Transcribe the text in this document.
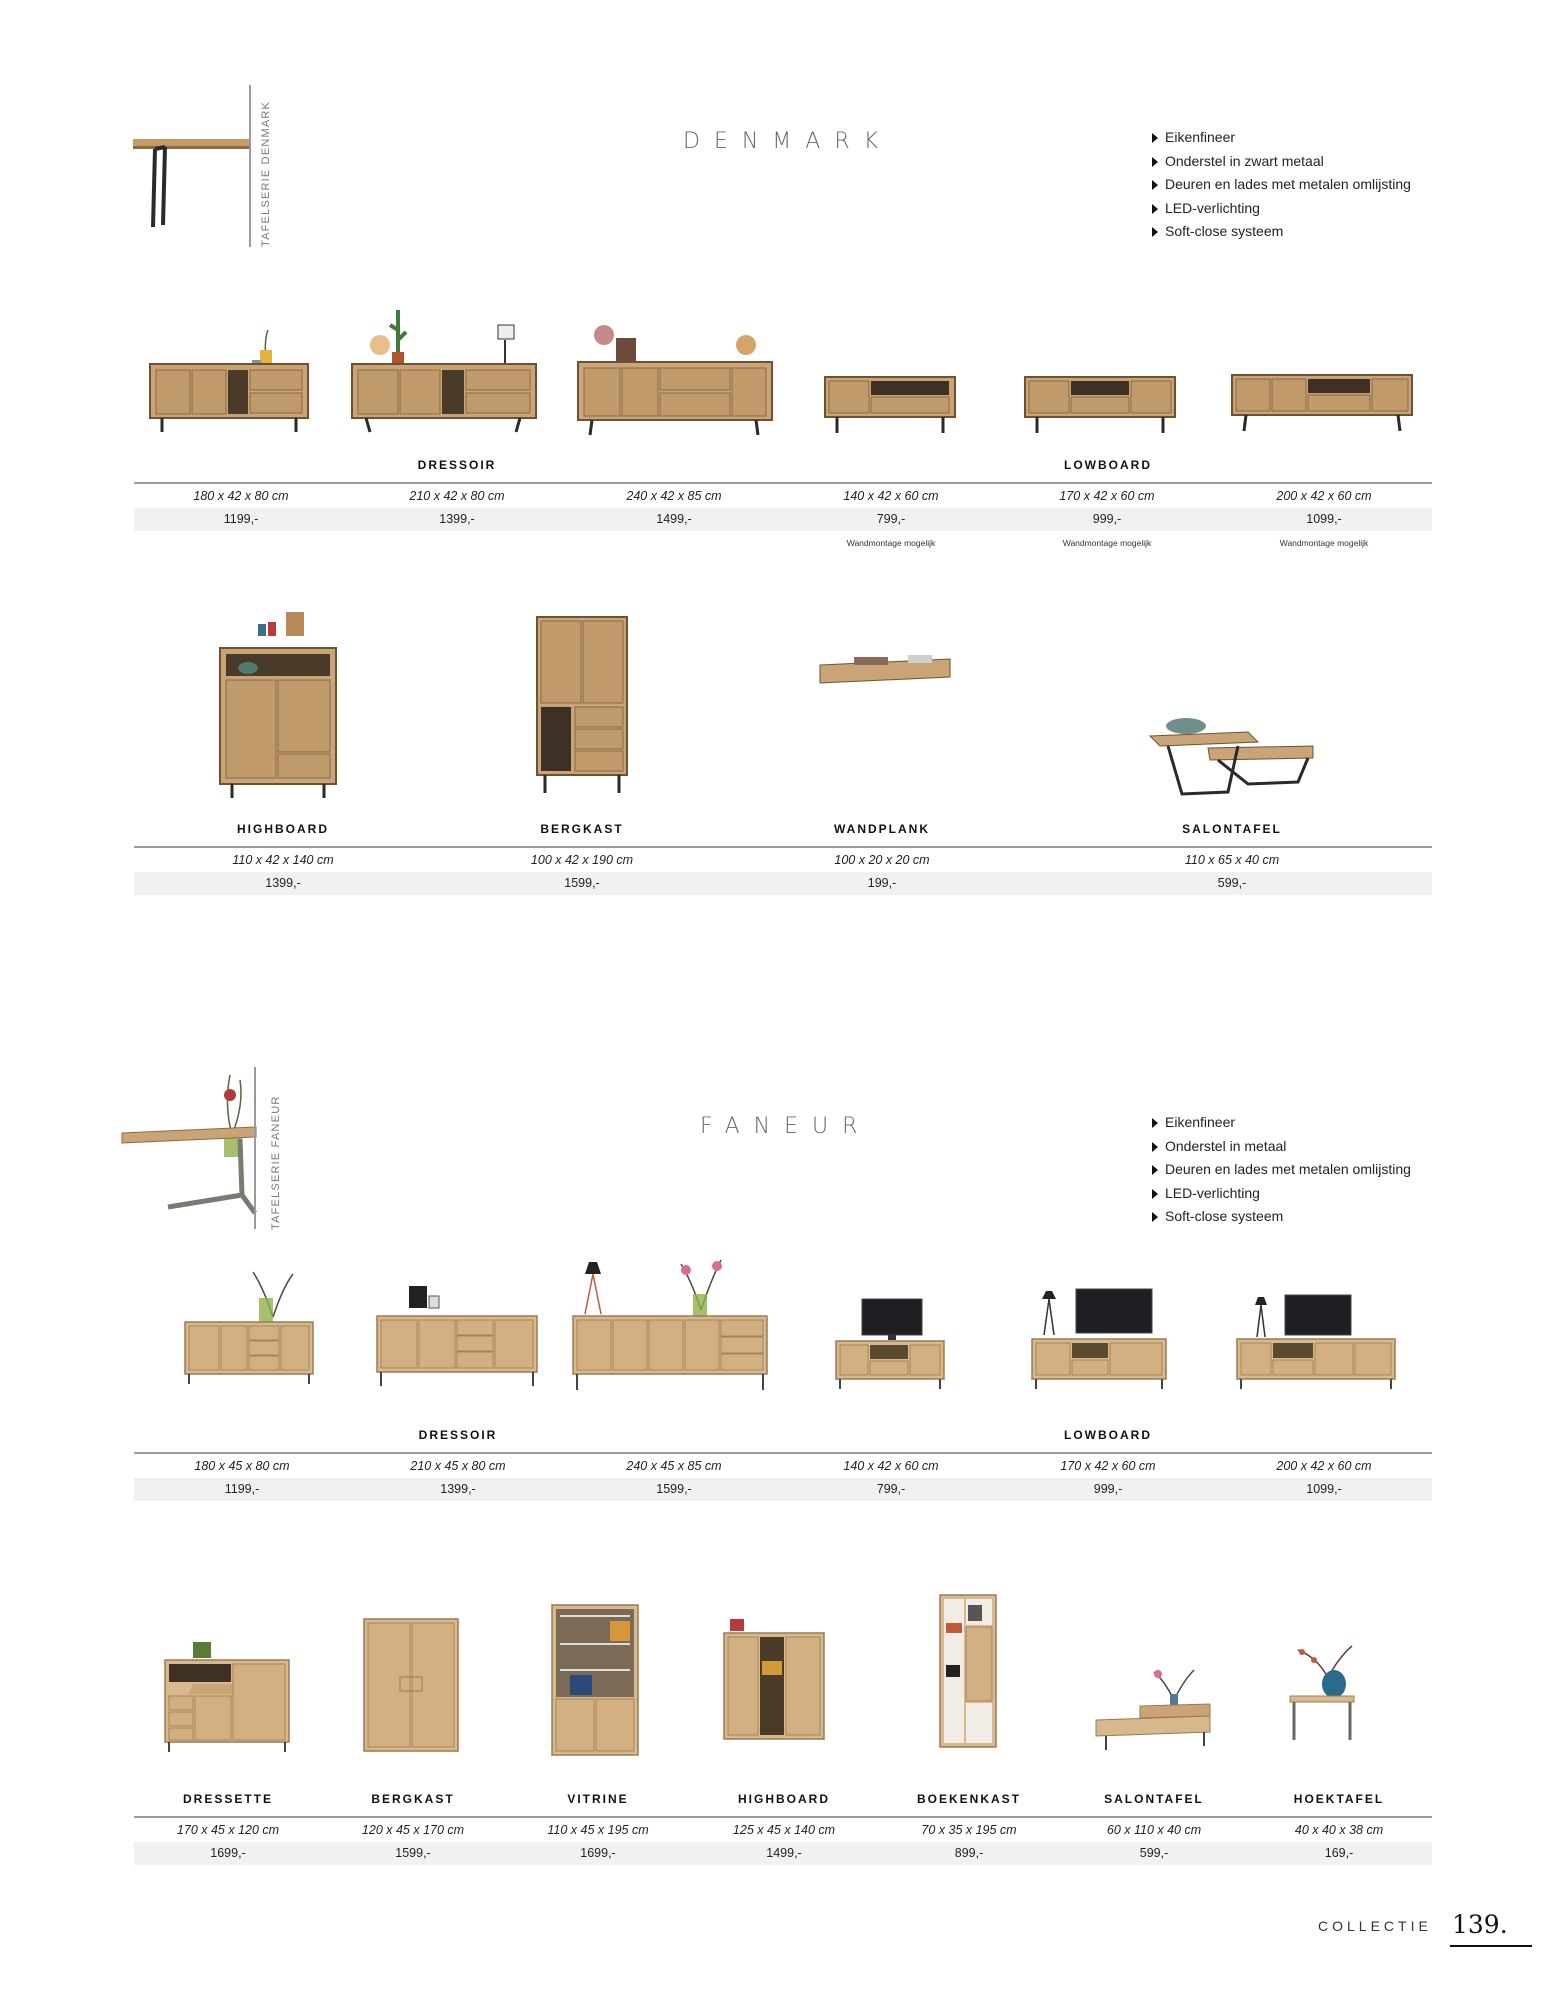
TAFELSERIE DENMARK	DENMARK	Eikenfineer
Onderstel in zwart metaal
Deuren en lades met metalen omlijsting
LED-verlichting
Soft-close systeem
DRESSOIR	LOWBOARD
180 x 42 x 80 cm	210 x 42 x 80 cm	240 x 42 x 85 cm	140 x 42 x 60 cm	170 x 42 x 60 cm	200 x 42 x 60 cm
1199,-	1399,-	1499,-	799,-	999,-	1099,-
Wandmontage mogelijk	Wandmontage mogelijk	Wandmontage mogelijk
HIGHBOARD	BERGKAST	WANDPLANK	SALONTAFEL
110 x 42 x 140 cm	100 x 42 x 190 cm	100 x 20 x 20 cm	110 x 65 x 40 cm
1399,-	1599,-	199,-	599,-
TAFELSERIE FANEUR	FANEUR	Eikenfineer
Onderstel in metaal
Deuren en lades met metalen omlijsting
LED-verlichting
Soft-close systeem
DRESSOIR	LOWBOARD
180 x 45 x 80 cm	210 x 45 x 80 cm	240 x 45 x 85 cm	140 x 42 x 60 cm	170 x 42 x 60 cm	200 x 42 x 60 cm
1199,-	1399,-	1599,-	799,-	999,-	1099,-
DRESSETTE	BERGKAST	VITRINE	HIGHBOARD	BOEKENKAST	SALONTAFEL	HOEKTAFEL
170 x 45 x 120 cm	120 x 45 x 170 cm	110 x 45 x 195 cm	125 x 45 x 140 cm	70 x 35 x 195 cm	60 x 110 x 40 cm	40 x 40 x 38 cm
1699,-	1599,-	1699,-	1499,-	899,-	599,-	169,-
COLLECTIE 139.
